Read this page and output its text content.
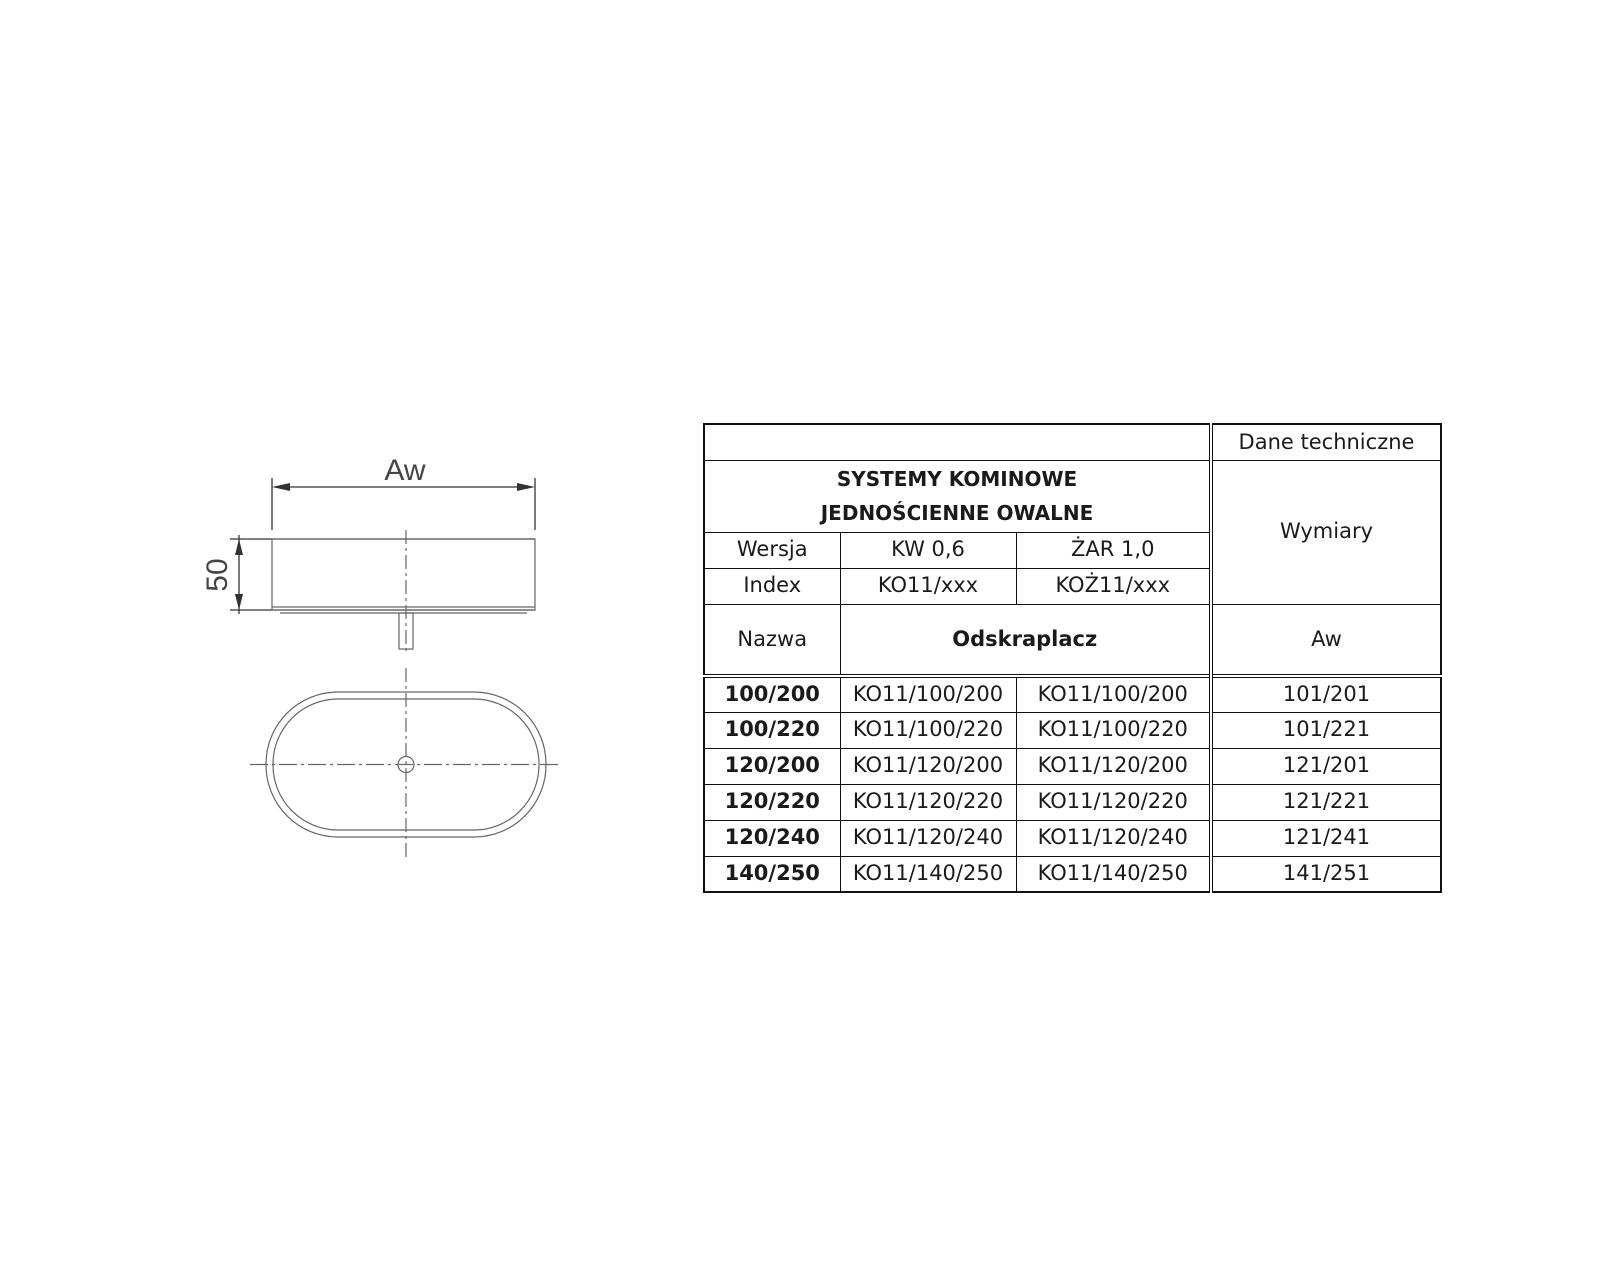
Aw
50
			Dane techniczne

SYSTEMY KOMINOWE
JEDNOŚCIENNE OWALNE			Wymiary
Wersja	KW 0,6	ŻAR 1,0	
Index	KO11/xxx	KOŻ11/xxx	
Nazwa	Odskraplacz		Aw
100/200	KO11/100/200	KO11/100/200	101/201
100/220	KO11/100/220	KO11/100/220	101/221
120/200	KO11/120/200	KO11/120/200	121/201
120/220	KO11/120/220	KO11/120/220	121/221
120/240	KO11/120/240	KO11/120/240	121/241
140/250	KO11/140/250	KO11/140/250	141/251
